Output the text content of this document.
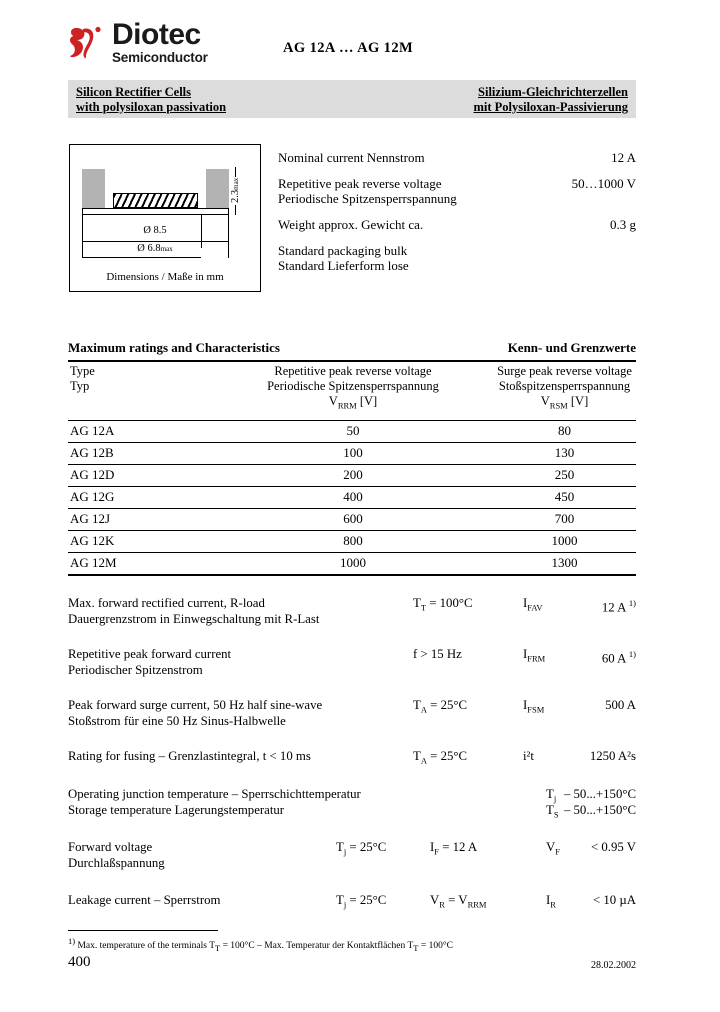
Diotec
Semiconductor
AG 12A … AG 12M
Silicon Rectifier Cells
with polysiloxan passivation
Silizium-Gleichrichterzellen
mit Polysiloxan-Passivierung
Ø 8.5
Ø 6.8max
2.3max
Dimensions / Maße in mm
Nominal current Nennstrom	12 A
Repetitive peak reverse voltage
Periodische Spitzensperrspannung
50…1000 V
Weight approx. Gewicht ca.	0.3 g
Standard packaging bulk
Standard Lieferform lose
Maximum ratings and Characteristics	Kenn- und Grenzwerte
Type
Typ
Repetitive peak reverse voltage
Periodische Spitzensperrspannung
$V_{RRM}$ [V]
Surge peak reverse voltage
Stoßspitzensperrspannung
$V_{RSM}$ [V]
AG 12A	50	80
AG 12B	100	130
AG 12D	200	250
AG 12G	400	450
AG 12J	600	700
AG 12K	800	1000
AG 12M	1000	1300
Max. forward rectified current, R-load
Dauergrenzstrom in Einwegschaltung mit R-Last
$T_T = 100^\circ C$	$I_{FAV}$	12 A $^{1)}$
Repetitive peak forward current
Periodischer Spitzenstrom
f > 15 Hz	$I_{FRM}$	60 A $^{1)}$
Peak forward surge current, 50 Hz half sine-wave
Stoßstrom für eine 50 Hz Sinus-Halbwelle
$T_A = 25^\circ C$	$I_{FSM}$	500 A
Rating for fusing – Grenzlastintegral, t < 10 ms	$T_A = 25^\circ C$	i²t	1250 A²s
Operating junction temperature – Sperrschichttemperatur
Storage temperature Lagerungstemperatur
$T_j - 50...+150^\circ C$
$T_S - 50...+150^\circ C$
Forward voltage
Durchlaßspannung
$T_j = 25^\circ C$	$I_F = 12$ A	$V_F < 0.95$ V
Leakage current – Sperrstrom	$T_j = 25^\circ C$	$V_R = V_{RRM}$	$I_R$	< 10 µA
$^{1)}$ Max. temperature of the terminals $T_T = 100^\circ C$ – Max. Temperatur der Kontaktflächen $T_T = 100^\circ C$
400	28.02.2002
